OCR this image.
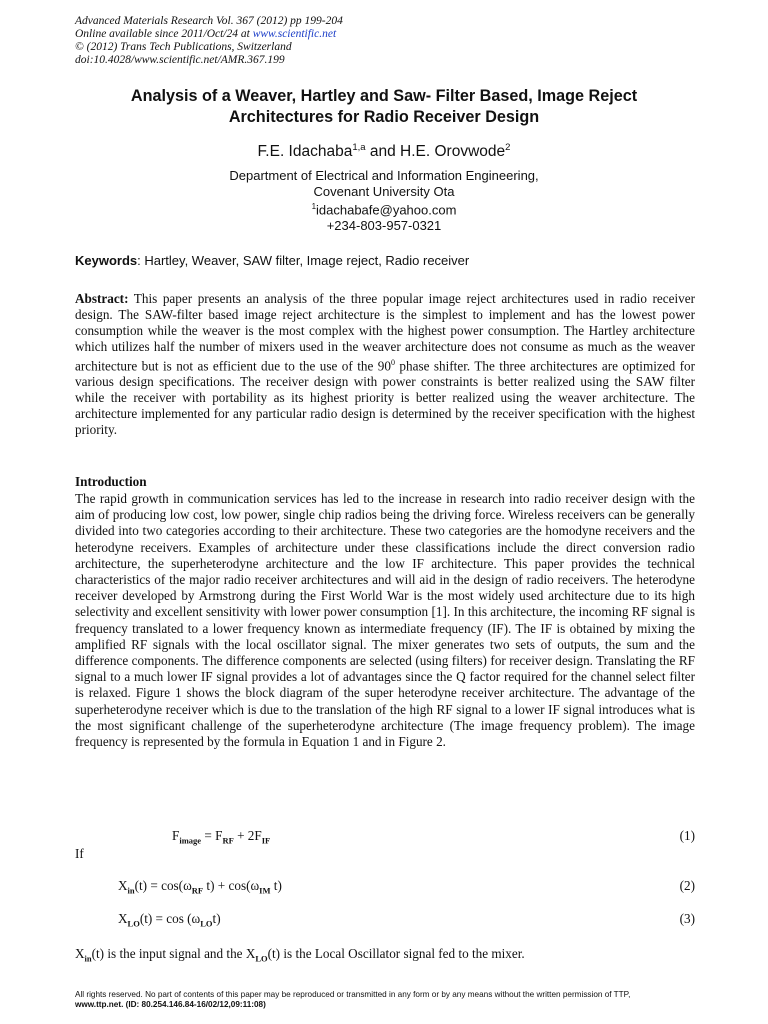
Advanced Materials Research Vol. 367 (2012) pp 199-204
Online available since 2011/Oct/24 at www.scientific.net
© (2012) Trans Tech Publications, Switzerland
doi:10.4028/www.scientific.net/AMR.367.199
Analysis of a Weaver, Hartley and Saw- Filter Based, Image Reject
Architectures for Radio Receiver Design
F.E. Idachaba$^{1,a}$ and H.E. Orovwode$^2$
Department of Electrical and Information Engineering,
Covenant University Ota
$^1$idachabafe@yahoo.com
+234-803-957-0321
Keywords: Hartley, Weaver, SAW filter, Image reject, Radio receiver
Abstract: This paper presents an analysis of the three popular image reject architectures used in radio receiver design. The SAW-filter based image reject architecture is the simplest to implement and has the lowest power consumption while the weaver is the most complex with the highest power consumption. The Hartley architecture which utilizes half the number of mixers used in the weaver architecture does not consume as much as the weaver architecture but is not as efficient due to the use of the $90^0$ phase shifter. The three architectures are optimized for various design specifications. The receiver design with power constraints is better realized using the SAW filter while the receiver with portability as its highest priority is better realized using the weaver architecture. The architecture implemented for any particular radio design is determined by the receiver specification with the highest priority.
Introduction
The rapid growth in communication services has led to the increase in research into radio receiver design with the aim of producing low cost, low power, single chip radios being the driving force. Wireless receivers can be generally divided into two categories according to their architecture. These two categories are the homodyne receivers and the heterodyne receivers. Examples of architecture under these classifications include the direct conversion radio architecture, the superheterodyne architecture and the low IF architecture. This paper provides the technical characteristics of the major radio receiver architectures and will aid in the design of radio receivers. The heterodyne receiver developed by Armstrong during the First World War is the most widely used architecture due to its high selectivity and excellent sensitivity with lower power consumption [1]. In this architecture, the incoming RF signal is frequency translated to a lower frequency known as intermediate frequency (IF). The IF is obtained by mixing the amplified RF signals with the local oscillator signal. The mixer generates two sets of outputs, the sum and the difference components. The difference components are selected (using filters) for receiver design. Translating the RF signal to a much lower IF signal provides a lot of advantages since the Q factor required for the channel select filter is relaxed. Figure 1 shows the block diagram of the super heterodyne receiver architecture. The advantage of the superheterodyne receiver which is due to the translation of the high RF signal to a lower IF signal introduces what is the most significant challenge of the superheterodyne architecture (The image frequency problem). The image frequency is represented by the formula in Equation 1 and in Figure 2.
$F_{image} = F_{RF} + 2F_{IF}$	(1)
If
$X_{in}(t) = \cos(\omega_{RF}$ $t) + \cos(\omega_{IM}$ t)	(2)
$X_{LO}(t) = \cos (\omega_{LO}t)$	(3)
$X_{in}(t)$ is the input signal and the $X_{LO}(t)$ is the Local Oscillator signal fed to the mixer.
All rights reserved. No part of contents of this paper may be reproduced or transmitted in any form or by any means without the written permission of TTP,
www.ttp.net. (ID: 80.254.146.84-16/02/12,09:11:08)
